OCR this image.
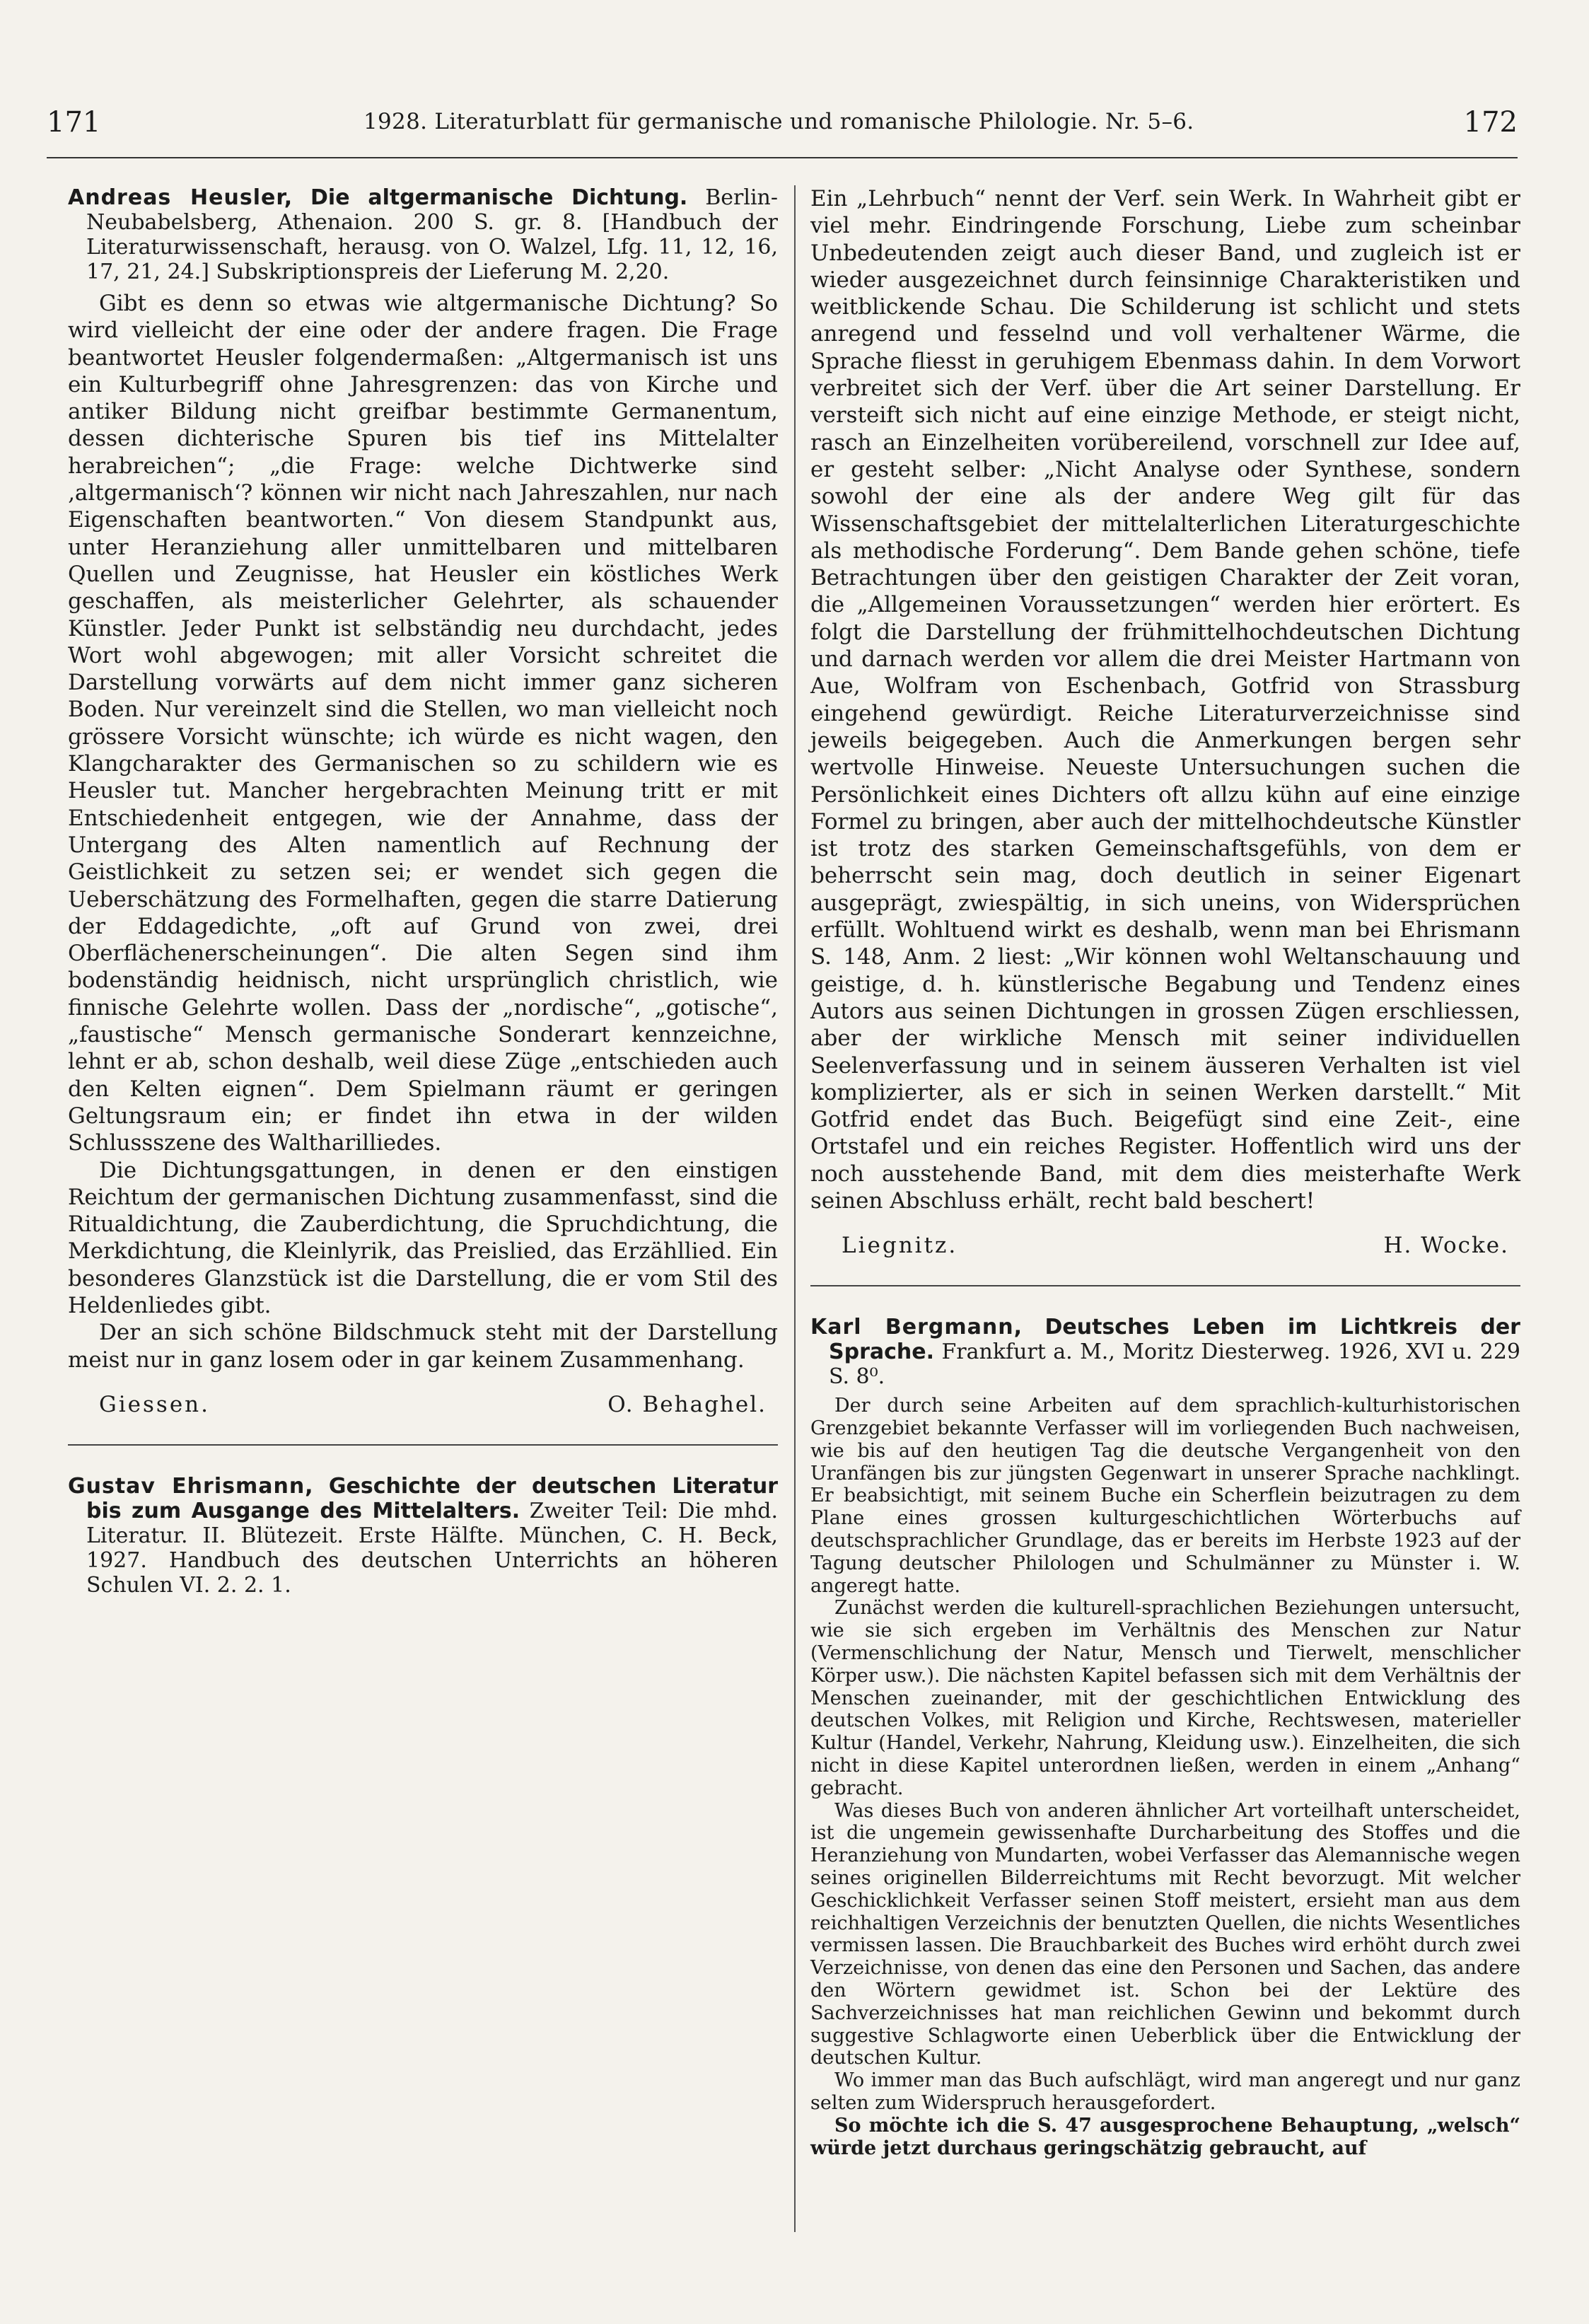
171	1928. Literaturblatt für germanische und romanische Philologie. Nr. 5–6.	172

Andreas Heusler, Die altgermanische Dichtung. Berlin-Neubabelsberg, Athenaion. 200 S. gr. 8. [Handbuch der Literaturwissenschaft, herausg. von O. Walzel, Lfg. 11, 12, 16, 17, 21, 24.] Subskriptionspreis der Lieferung M. 2,20.

Gibt es denn so etwas wie altgermanische Dichtung? So wird vielleicht der eine oder der andere fragen. Die Frage beantwortet Heusler folgendermaßen: „Altgermanisch ist uns ein Kulturbegriff ohne Jahresgrenzen: das von Kirche und antiker Bildung nicht greifbar bestimmte Germanentum, dessen dichterische Spuren bis tief ins Mittelalter herabreichen“; „die Frage: welche Dichtwerke sind ‚altgermanisch‘? können wir nicht nach Jahreszahlen, nur nach Eigenschaften beantworten.“ Von diesem Standpunkt aus, unter Heranziehung aller unmittelbaren und mittelbaren Quellen und Zeugnisse, hat Heusler ein köstliches Werk geschaffen, als meisterlicher Gelehrter, als schauender Künstler. Jeder Punkt ist selbständig neu durchdacht, jedes Wort wohl abgewogen; mit aller Vorsicht schreitet die Darstellung vorwärts auf dem nicht immer ganz sicheren Boden. Nur vereinzelt sind die Stellen, wo man vielleicht noch grössere Vorsicht wünschte; ich würde es nicht wagen, den Klangcharakter des Germanischen so zu schildern wie es Heusler tut. Mancher hergebrachten Meinung tritt er mit Entschiedenheit entgegen, wie der Annahme, dass der Untergang des Alten namentlich auf Rechnung der Geistlichkeit zu setzen sei; er wendet sich gegen die Ueberschätzung des Formelhaften, gegen die starre Datierung der Eddagedichte, „oft auf Grund von zwei, drei Oberflächenerscheinungen“. Die alten Segen sind ihm bodenständig heidnisch, nicht ursprünglich christlich, wie finnische Gelehrte wollen. Dass der „nordische“, „gotische“, „faustische“ Mensch germanische Sonderart kennzeichne, lehnt er ab, schon deshalb, weil diese Züge „entschieden auch den Kelten eignen“. Dem Spielmann räumt er geringen Geltungsraum ein; er findet ihn etwa in der wilden Schlussszene des Waltharilliedes.

Die Dichtungsgattungen, in denen er den einstigen Reichtum der germanischen Dichtung zusammenfasst, sind die Ritualdichtung, die Zauberdichtung, die Spruchdichtung, die Merkdichtung, die Kleinlyrik, das Preislied, das Erzähllied. Ein besonderes Glanzstück ist die Darstellung, die er vom Stil des Heldenliedes gibt.

Der an sich schöne Bildschmuck steht mit der Darstellung meist nur in ganz losem oder in gar keinem Zusammenhang.

Giessen.	O. Behaghel.

Gustav Ehrismann, Geschichte der deutschen Literatur bis zum Ausgange des Mittelalters. Zweiter Teil: Die mhd. Literatur. II. Blütezeit. Erste Hälfte. München, C. H. Beck, 1927. Handbuch des deutschen Unterrichts an höheren Schulen VI. 2. 2. 1.

Ein „Lehrbuch“ nennt der Verf. sein Werk. In Wahrheit gibt er viel mehr. Eindringende Forschung, Liebe zum scheinbar Unbedeutenden zeigt auch dieser Band, und zugleich ist er wieder ausgezeichnet durch feinsinnige Charakteristiken und weitblickende Schau. Die Schilderung ist schlicht und stets anregend und fesselnd und voll verhaltener Wärme, die Sprache fliesst in geruhigem Ebenmass dahin. In dem Vorwort verbreitet sich der Verf. über die Art seiner Darstellung. Er versteift sich nicht auf eine einzige Methode, er steigt nicht, rasch an Einzelheiten vorübereilend, vorschnell zur Idee auf, er gesteht selber: „Nicht Analyse oder Synthese, sondern sowohl der eine als der andere Weg gilt für das Wissenschaftsgebiet der mittelalterlichen Literaturgeschichte als methodische Forderung“. Dem Bande gehen schöne, tiefe Betrachtungen über den geistigen Charakter der Zeit voran, die „Allgemeinen Voraussetzungen“ werden hier erörtert. Es folgt die Darstellung der frühmittelhochdeutschen Dichtung und darnach werden vor allem die drei Meister Hartmann von Aue, Wolfram von Eschenbach, Gotfrid von Strassburg eingehend gewürdigt. Reiche Literaturverzeichnisse sind jeweils beigegeben. Auch die Anmerkungen bergen sehr wertvolle Hinweise. Neueste Untersuchungen suchen die Persönlichkeit eines Dichters oft allzu kühn auf eine einzige Formel zu bringen, aber auch der mittelhochdeutsche Künstler ist trotz des starken Gemeinschaftsgefühls, von dem er beherrscht sein mag, doch deutlich in seiner Eigenart ausgeprägt, zwiespältig, in sich uneins, von Widersprüchen erfüllt. Wohltuend wirkt es deshalb, wenn man bei Ehrismann S. 148, Anm. 2 liest: „Wir können wohl Weltanschauung und geistige, d. h. künstlerische Begabung und Tendenz eines Autors aus seinen Dichtungen in grossen Zügen erschliessen, aber der wirkliche Mensch mit seiner individuellen Seelenverfassung und in seinem äusseren Verhalten ist viel komplizierter, als er sich in seinen Werken darstellt.“ Mit Gotfrid endet das Buch. Beigefügt sind eine Zeit-, eine Ortstafel und ein reiches Register. Hoffentlich wird uns der noch ausstehende Band, mit dem dies meisterhafte Werk seinen Abschluss erhält, recht bald beschert!

Liegnitz.	H. Wocke.

Karl Bergmann, Deutsches Leben im Lichtkreis der Sprache. Frankfurt a. M., Moritz Diesterweg. 1926, XVI u. 229 S. 8⁰.

Der durch seine Arbeiten auf dem sprachlich-kulturhistorischen Grenzgebiet bekannte Verfasser will im vorliegenden Buch nachweisen, wie bis auf den heutigen Tag die deutsche Vergangenheit von den Uranfängen bis zur jüngsten Gegenwart in unserer Sprache nachklingt. Er beabsichtigt, mit seinem Buche ein Scherflein beizutragen zu dem Plane eines grossen kulturgeschichtlichen Wörterbuchs auf deutschsprachlicher Grundlage, das er bereits im Herbste 1923 auf der Tagung deutscher Philologen und Schulmänner zu Münster i. W. angeregt hatte.

Zunächst werden die kulturell-sprachlichen Beziehungen untersucht, wie sie sich ergeben im Verhältnis des Menschen zur Natur (Vermenschlichung der Natur, Mensch und Tierwelt, menschlicher Körper usw.). Die nächsten Kapitel befassen sich mit dem Verhältnis der Menschen zueinander, mit der geschichtlichen Entwicklung des deutschen Volkes, mit Religion und Kirche, Rechtswesen, materieller Kultur (Handel, Verkehr, Nahrung, Kleidung usw.). Einzelheiten, die sich nicht in diese Kapitel unterordnen ließen, werden in einem „Anhang“ gebracht.

Was dieses Buch von anderen ähnlicher Art vorteilhaft unterscheidet, ist die ungemein gewissenhafte Durcharbeitung des Stoffes und die Heranziehung von Mundarten, wobei Verfasser das Alemannische wegen seines originellen Bilderreichtums mit Recht bevorzugt. Mit welcher Geschicklichkeit Verfasser seinen Stoff meistert, ersieht man aus dem reichhaltigen Verzeichnis der benutzten Quellen, die nichts Wesentliches vermissen lassen. Die Brauchbarkeit des Buches wird erhöht durch zwei Verzeichnisse, von denen das eine den Personen und Sachen, das andere den Wörtern gewidmet ist. Schon bei der Lektüre des Sachverzeichnisses hat man reichlichen Gewinn und bekommt durch suggestive Schlagworte einen Ueberblick über die Entwicklung der deutschen Kultur.

Wo immer man das Buch aufschlägt, wird man angeregt und nur ganz selten zum Widerspruch herausgefordert.

So möchte ich die S. 47 ausgesprochene Behauptung, „welsch“ würde jetzt durchaus geringschätzig gebraucht, auf
